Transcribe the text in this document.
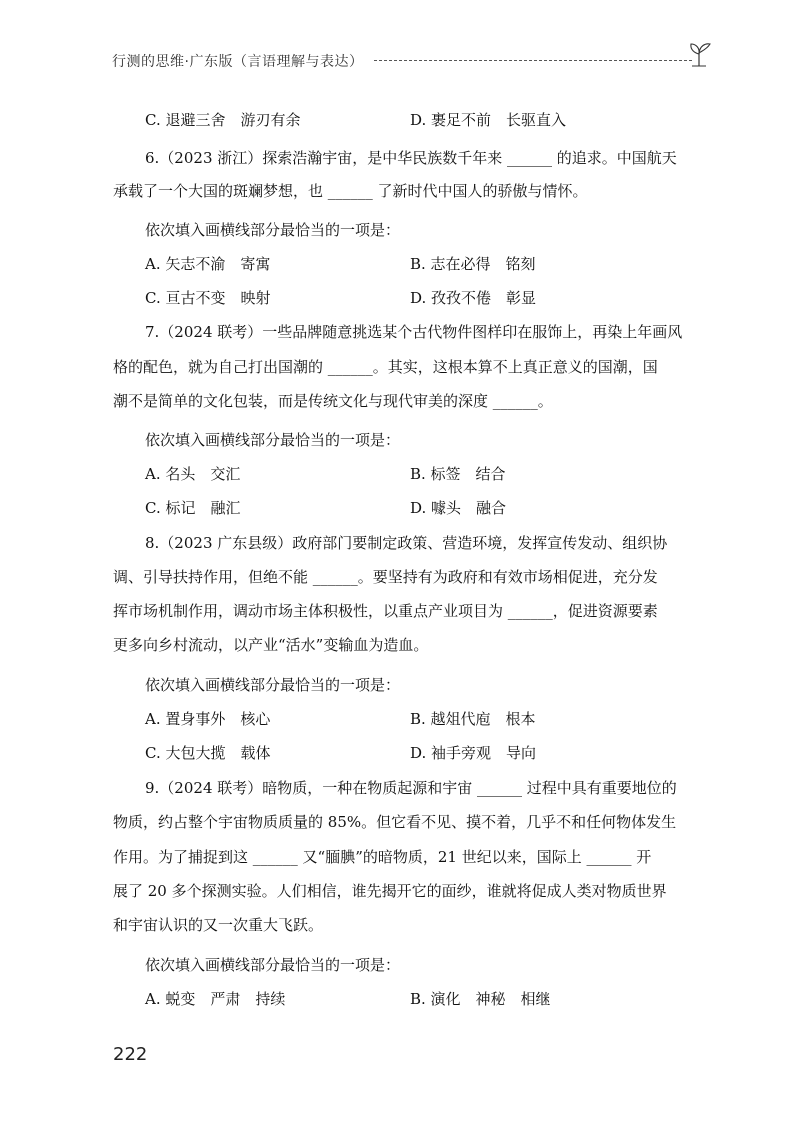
行测的思维·广东版（言语理解与表达）
C. 退避三舍　游刃有余	D. 裹足不前　长驱直入
6.（2023 浙江）探索浩瀚宇宙，是中华民族数千年来 ______ 的追求。中国航天
承载了一个大国的斑斓梦想，也 ______ 了新时代中国人的骄傲与情怀。
依次填入画横线部分最恰当的一项是：
A. 矢志不渝　寄寓	B. 志在必得　铭刻
C. 亘古不变　映射	D. 孜孜不倦　彰显
7.（2024 联考）一些品牌随意挑选某个古代物件图样印在服饰上，再染上年画风
格的配色，就为自己打出国潮的 ______。其实，这根本算不上真正意义的国潮，国
潮不是简单的文化包装，而是传统文化与现代审美的深度 ______。
依次填入画横线部分最恰当的一项是：
A. 名头　交汇	B. 标签　结合
C. 标记　融汇	D. 噱头　融合
8.（2023 广东县级）政府部门要制定政策、营造环境，发挥宣传发动、组织协
调、引导扶持作用，但绝不能 ______。要坚持有为政府和有效市场相促进，充分发
挥市场机制作用，调动市场主体积极性，以重点产业项目为 ______，促进资源要素
更多向乡村流动，以产业“活水”变输血为造血。
依次填入画横线部分最恰当的一项是：
A. 置身事外　核心	B. 越俎代庖　根本
C. 大包大揽　载体	D. 袖手旁观　导向
9.（2024 联考）暗物质，一种在物质起源和宇宙 ______ 过程中具有重要地位的
物质，约占整个宇宙物质质量的 85%。但它看不见、摸不着，几乎不和任何物体发生
作用。为了捕捉到这 ______ 又“腼腆”的暗物质，21 世纪以来，国际上 ______ 开
展了 20 多个探测实验。人们相信，谁先揭开它的面纱，谁就将促成人类对物质世界
和宇宙认识的又一次重大飞跃。
依次填入画横线部分最恰当的一项是：
A. 蜕变　严肃　持续	B. 演化　神秘　相继
222
